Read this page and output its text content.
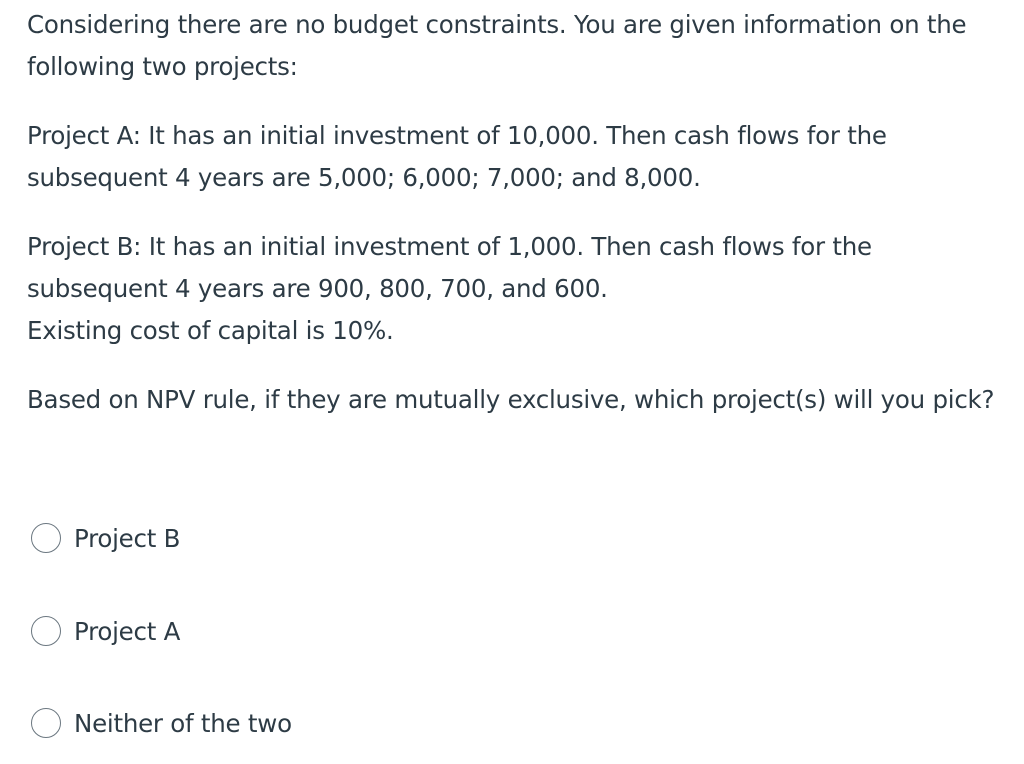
Considering there are no budget constraints. You are given information on the following two projects:

Project A: It has an initial investment of 10,000. Then cash flows for the subsequent 4 years are 5,000; 6,000; 7,000; and 8,000.

Project B: It has an initial investment of 1,000. Then cash flows for the subsequent 4 years are 900, 800, 700, and 600.

Existing cost of capital is 10%.

Based on NPV rule, if they are mutually exclusive, which project(s) will you pick?

Project B
Project A
Neither of the two
